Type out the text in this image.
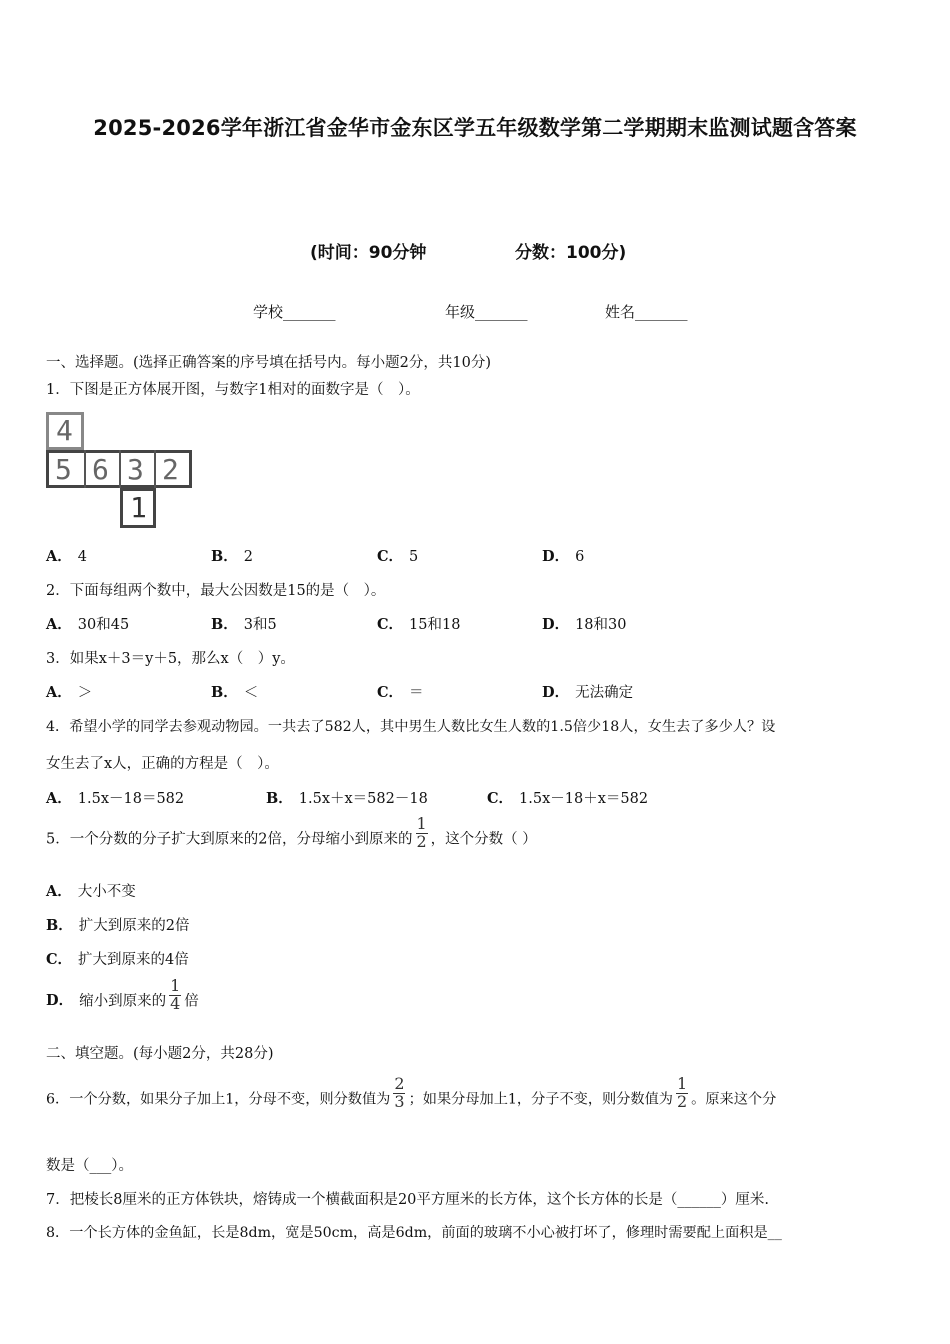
2025-2026学年浙江省金华市金东区学五年级数学第二学期期末监测试题含答案
(时间：90分钟	分数：100分)
学校_______	年级_______	姓名_______
一、选择题。(选择正确答案的序号填在括号内。每小题2分，共10分)
1．下图是正方体展开图，与数字1相对的面数字是（　）。
4
5 6 3 2
1
A． 4	B． 2	C． 5	D． 6
2．下面每组两个数中，最大公因数是15的是（　）。
A． 30和45	B． 3和5	C． 15和18	D． 18和30
3．如果x＋3＝y＋5，那么x（　）y。
A． ＞	B． ＜	C． ＝	D． 无法确定
4．希望小学的同学去参观动物园。一共去了582人，其中男生人数比女生人数的1.5倍少18人，女生去了多少人？设
女生去了x人，正确的方程是（　）。
A． 1.5x－18＝582	B． 1.5x＋x＝582－18	C． 1.5x－18＋x＝582
5．一个分数的分子扩大到原来的2倍，分母缩小到原来的 $\frac{1}{2}$ ，这个分数（ ）
A． 大小不变
B． 扩大到原来的2倍
C． 扩大到原来的4倍
D． 缩小到原来的 $\frac{1}{4}$ 倍
二、填空题。(每小题2分，共28分)
6．一个分数，如果分子加上1，分母不变，则分数值为 $\frac{2}{3}$ ；如果分母加上1，分子不变，则分数值为 $\frac{1}{2}$ 。原来这个分
数是（___）。
7．把棱长8厘米的正方体铁块，熔铸成一个横截面积是20平方厘米的长方体，这个长方体的长是（______）厘米.
8．一个长方体的金鱼缸，长是8dm，宽是50cm，高是6dm，前面的玻璃不小心被打坏了，修理时需要配上面积是__
